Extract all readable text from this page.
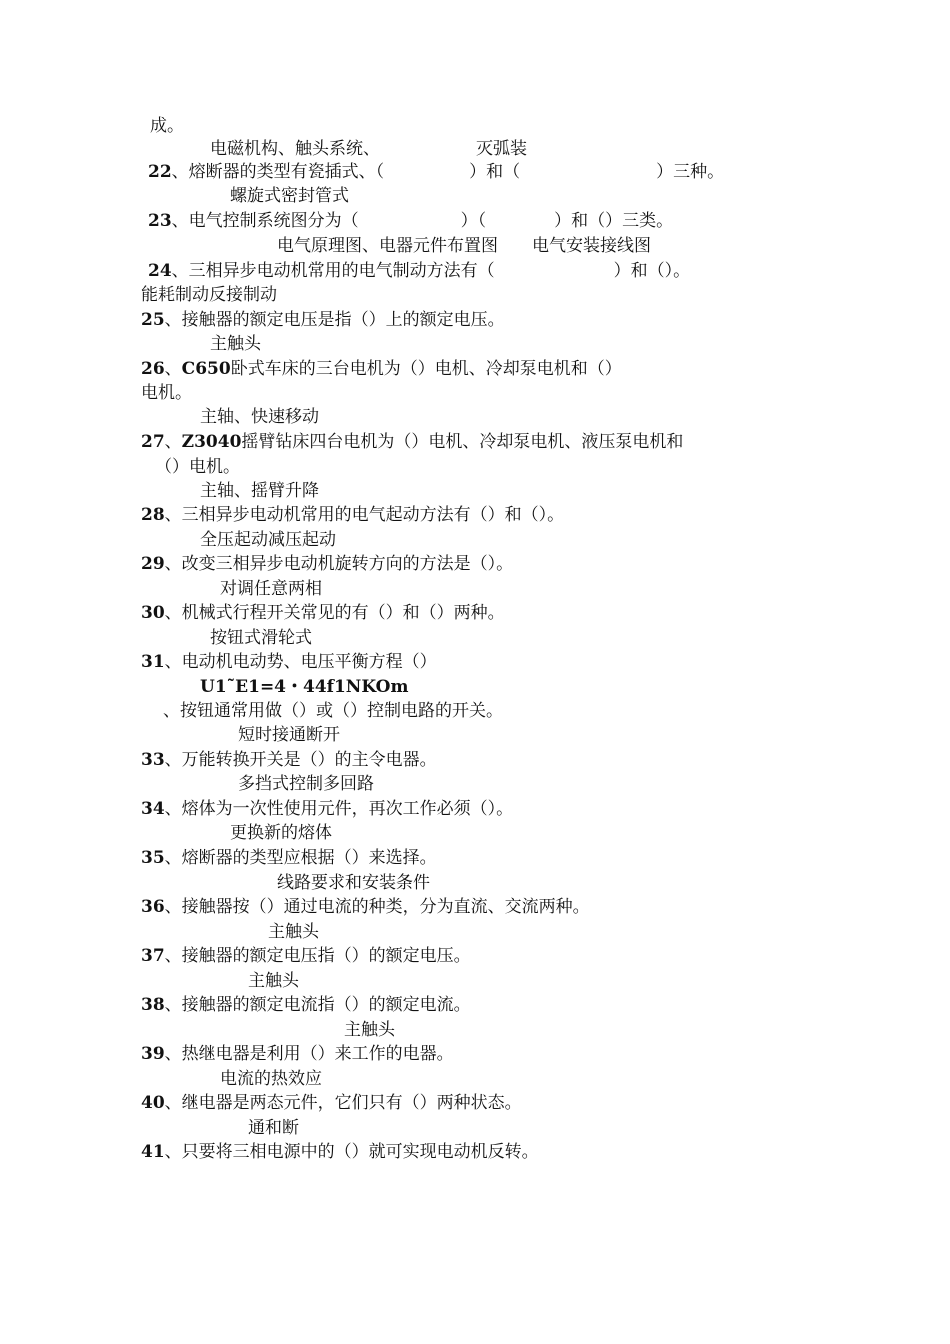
成。
电磁机构、触头系统、	灭弧装
22、熔断器的类型有瓷插式、（　　　　　）和（　　　　　　　　）三种。
螺旋式密封管式
23、电气控制系统图分为（　　　　　　）（　　　　）和（）三类。
电气原理图、电器元件布置图　　电气安装接线图
24、三相异步电动机常用的电气制动方法有（　　　　　　　）和（）。
能耗制动反接制动
25、接触器的额定电压是指（）上的额定电压。
主触头
26、C650卧式车床的三台电机为（）电机、冷却泵电机和（）
电机。
主轴、快速移动
27、Z3040摇臂钻床四台电机为（）电机、冷却泵电机、液压泵电机和
（）电机。
主轴、摇臂升降
28、三相异步电动机常用的电气起动方法有（）和（）。
全压起动减压起动
29、改变三相异步电动机旋转方向的方法是（）。
对调任意两相
30、机械式行程开关常见的有（）和（）两种。
按钮式滑轮式
31、电动机电动势、电压平衡方程（）
U1˜E1=4・44f1NKOm
、按钮通常用做（）或（）控制电路的开关。
短时接通断开
33、万能转换开关是（）的主令电器。
多挡式控制多回路
34、熔体为一次性使用元件，再次工作必须（）。
更换新的熔体
35、熔断器的类型应根据（）来选择。
线路要求和安装条件
36、接触器按（）通过电流的种类，分为直流、交流两种。
主触头
37、接触器的额定电压指（）的额定电压。
主触头
38、接触器的额定电流指（）的额定电流。
主触头
39、热继电器是利用（）来工作的电器。
电流的热效应
40、继电器是两态元件，它们只有（）两种状态。
通和断
41、只要将三相电源中的（）就可实现电动机反转。
